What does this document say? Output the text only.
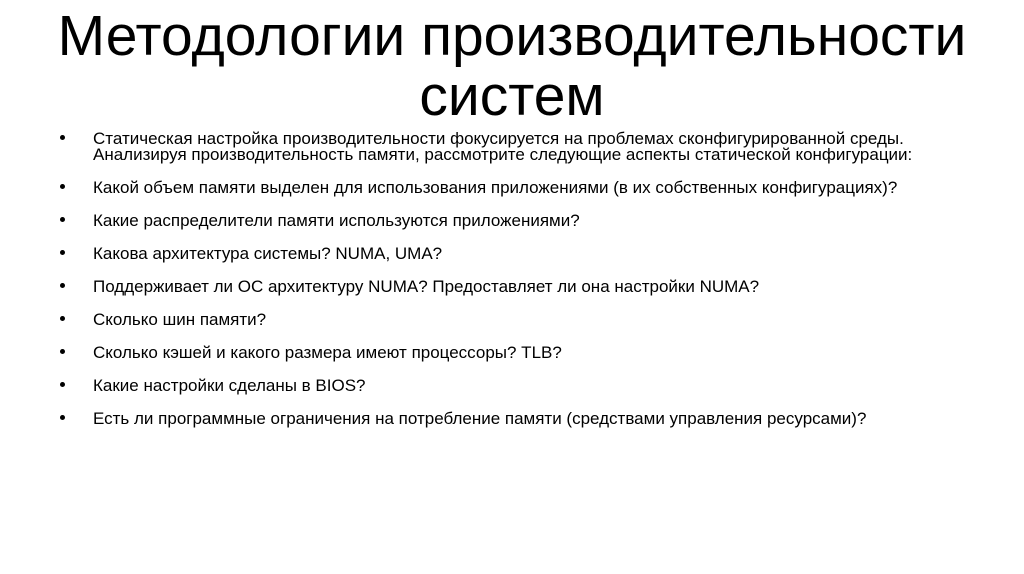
Методологии производительности систем
Статическая настройка производительности фокусируется на проблемах сконфигурированной среды. Анализируя производительность памяти, рассмотрите следующие аспекты статической конфигурации:
Какой объем памяти выделен для использования приложениями (в их собственных конфигурациях)?
Какие распределители памяти используются приложениями?
Какова архитектура системы? NUMA, UMA?
Поддерживает ли ОС архитектуру NUMA? Предоставляет ли она настройки NUMA?
Сколько шин памяти?
Сколько кэшей и какого размера имеют процессоры? TLB?
Какие настройки сделаны в BIOS?
Есть ли программные ограничения на потребление памяти (средствами управления ресурсами)?
